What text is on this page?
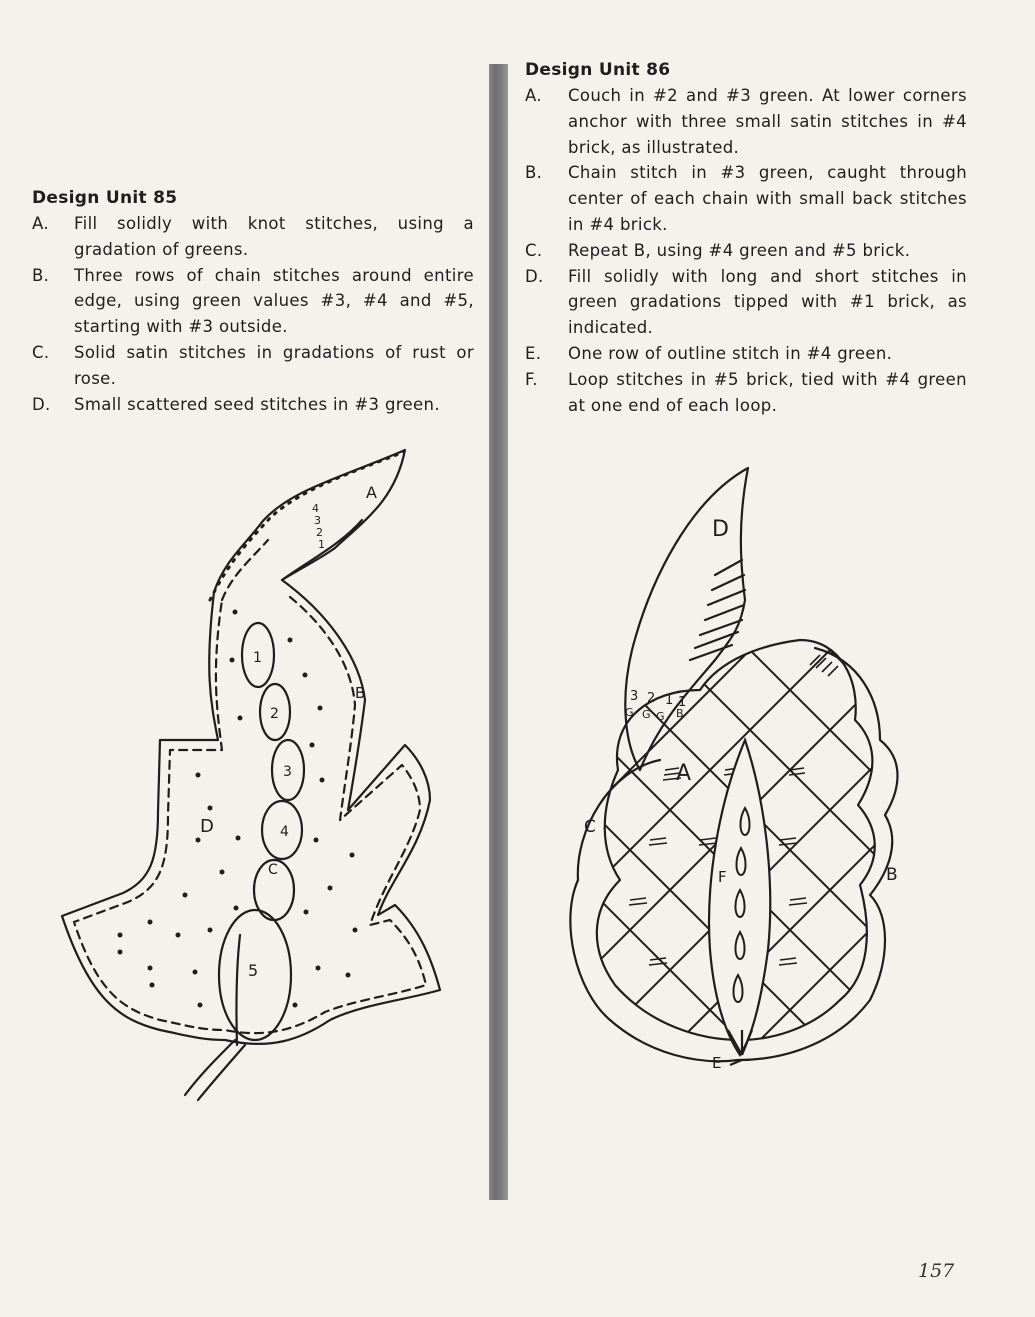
Design Unit 85
A. Fill solidly with knot stitches, using a gradation of greens.
B. Three rows of chain stitches around entire edge, using green values #3, #4 and #5, starting with #3 outside.
C. Solid satin stitches in gradations of rust or rose.
D. Small scattered seed stitches in #3 green.
Design Unit 86
A. Couch in #2 and #3 green. At lower corners anchor with three small satin stitches in #4 brick, as illustrated.
B. Chain stitch in #3 green, caught through center of each chain with small back stitches in #4 brick.
C. Repeat B, using #4 green and #5 brick.
D. Fill solidly with long and short stitches in green gradations tipped with #1 brick, as indicated.
E. One row of outline stitch in #4 green.
F. Loop stitches in #5 brick, tied with #4 green at one end of each loop.
A
B
D
1
2
3
4
C
5
4
3
2
1
D
A
B
C
F
E
3 2 1 1
G G G B
157
